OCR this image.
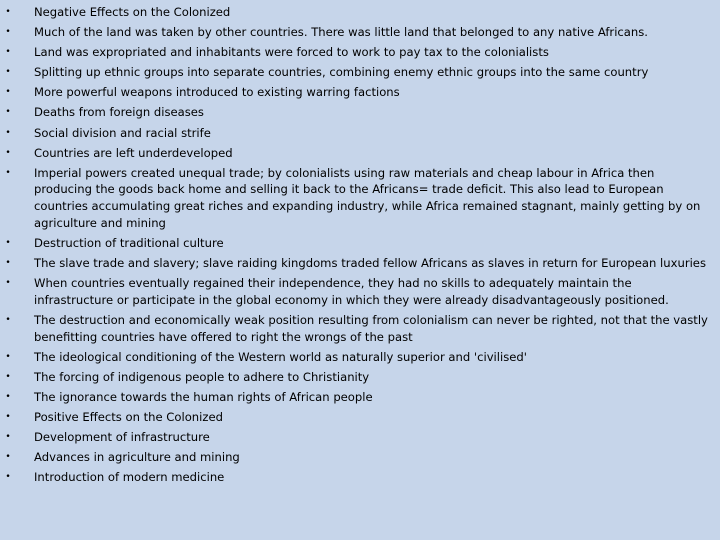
• Negative Effects on the Colonized
• Much of the land was taken by other countries. There was little land that belonged to any native Africans.
• Land was expropriated and inhabitants were forced to work to pay tax to the colonialists
• Splitting up ethnic groups into separate countries, combining enemy ethnic groups into the same country
• More powerful weapons introduced to existing warring factions
• Deaths from foreign diseases
• Social division and racial strife
• Countries are left underdeveloped
• Imperial powers created unequal trade; by colonialists using raw materials and cheap labour in Africa then producing the goods back home and selling it back to the Africans= trade deficit. This also lead to European countries accumulating great riches and expanding industry, while Africa remained stagnant, mainly getting by on agriculture and mining
• Destruction of traditional culture
• The slave trade and slavery; slave raiding kingdoms traded fellow Africans as slaves in return for European luxuries
• When countries eventually regained their independence, they had no skills to adequately maintain the infrastructure or participate in the global economy in which they were already disadvantageously positioned.
• The destruction and economically weak position resulting from colonialism can never be righted, not that the vastly benefitting countries have offered to right the wrongs of the past
• The ideological conditioning of the Western world as naturally superior and 'civilised'
• The forcing of indigenous people to adhere to Christianity
• The ignorance towards the human rights of African people
• Positive Effects on the Colonized
• Development of infrastructure
• Advances in agriculture and mining
• Introduction of modern medicine
